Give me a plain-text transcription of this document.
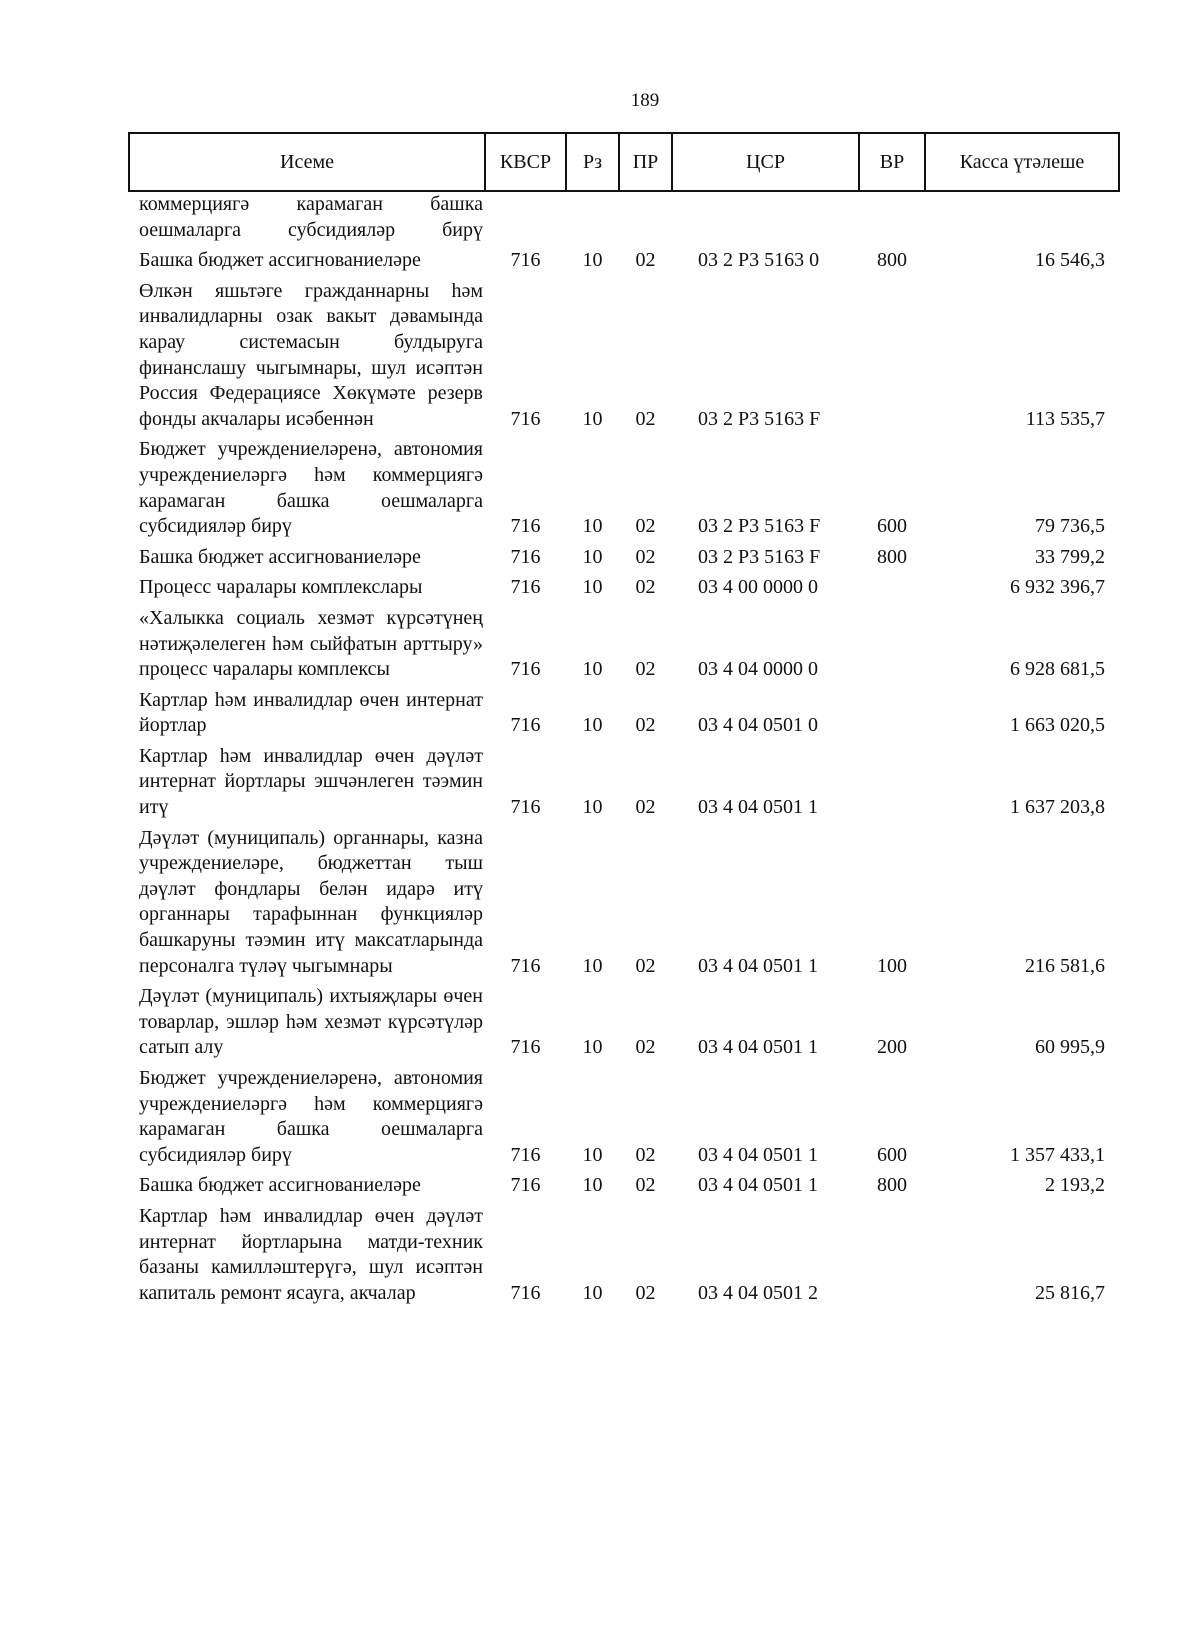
189
Исеме	КВСР	Рз	ПР	ЦСР	ВР	Касса үтәлеше
коммерциягә карамаган башка оешмаларга субсидияләр бирү						
Башка бюджет ассигнованиеләре	716	10	02	03 2 Р3 5163 0	800	16 546,3
Өлкән яшьтәге гражданнарны һәм инвалидларны озак вакыт дәвамында карау системасын булдыруга финанслашу чыгымнары, шул исәптән Россия Федерациясе Хөкүмәте резерв фонды акчалары исәбеннән	716	10	02	03 2 Р3 5163 F		113 535,7
Бюджет учреждениеләренә, автономия учреждениеләргә һәм коммерциягә карамаган башка оешмаларга субсидияләр бирү	716	10	02	03 2 Р3 5163 F	600	79 736,5
Башка бюджет ассигнованиеләре	716	10	02	03 2 Р3 5163 F	800	33 799,2
Процесс чаралары комплекслары	716	10	02	03 4 00 0000 0		6 932 396,7
«Халыкка социаль хезмәт күрсәтүнең нәтиҗәлелеген һәм сыйфатын арттыру» процесс чаралары комплексы	716	10	02	03 4 04 0000 0		6 928 681,5
Картлар һәм инвалидлар өчен интернат йортлар	716	10	02	03 4 04 0501 0		1 663 020,5
Картлар һәм инвалидлар өчен дәүләт интернат йортлары эшчәнлеген тәэмин итү	716	10	02	03 4 04 0501 1		1 637 203,8
Дәүләт (муниципаль) органнары, казна учреждениеләре, бюджеттан тыш дәүләт фондлары белән идарә итү органнары тарафыннан функцияләр башкаруны тәэмин итү максатларында персоналга түләү чыгымнары	716	10	02	03 4 04 0501 1	100	216 581,6
Дәүләт (муниципаль) ихтыяҗлары өчен товарлар, эшләр һәм хезмәт күрсәтүләр сатып алу	716	10	02	03 4 04 0501 1	200	60 995,9
Бюджет учреждениеләренә, автономия учреждениеләргә һәм коммерциягә карамаган башка оешмаларга субсидияләр бирү	716	10	02	03 4 04 0501 1	600	1 357 433,1
Башка бюджет ассигнованиеләре	716	10	02	03 4 04 0501 1	800	2 193,2
Картлар һәм инвалидлар өчен дәүләт интернат йортларына матди-техник базаны камилләштерүгә, шул исәптән капиталь ремонт ясауга, акчалар	716	10	02	03 4 04 0501 2		25 816,7
